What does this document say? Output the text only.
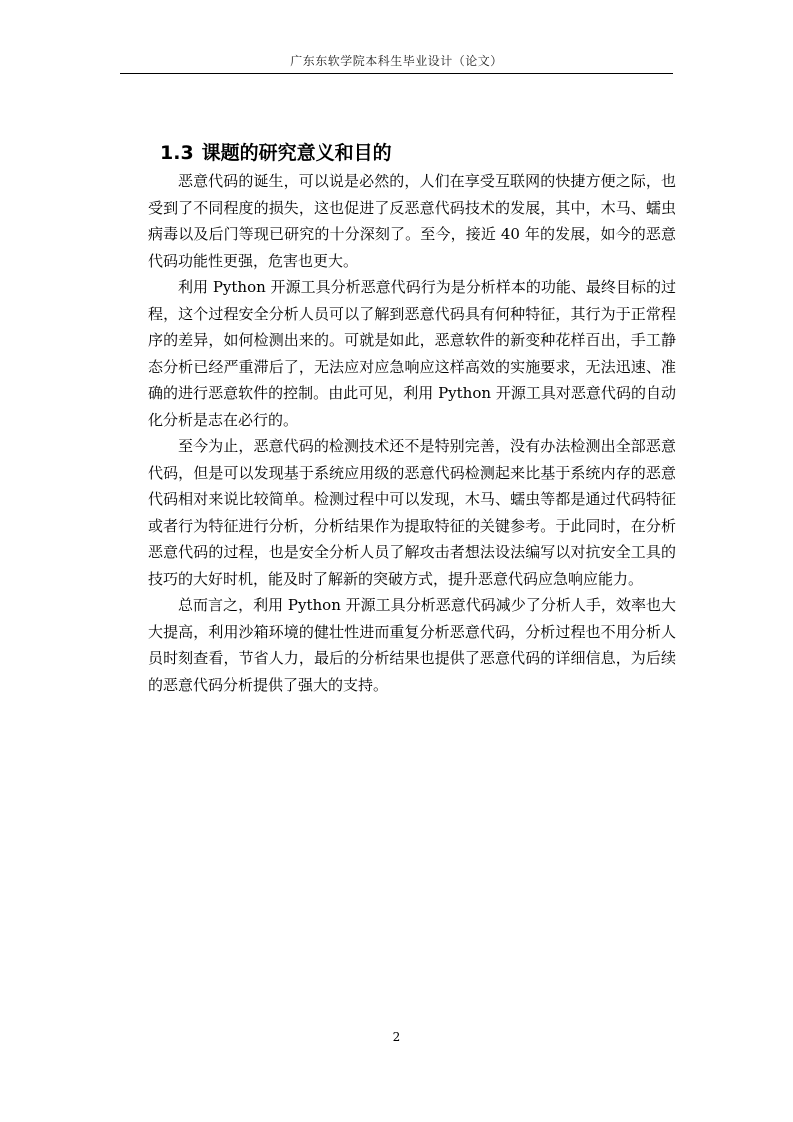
广东东软学院本科生毕业设计（论文）
1.3 课题的研究意义和目的

恶意代码的诞生，可以说是必然的，人们在享受互联网的快捷方便之际，也受到了不同程度的损失，这也促进了反恶意代码技术的发展，其中，木马、蠕虫病毒以及后门等现已研究的十分深刻了。至今，接近 40 年的发展，如今的恶意代码功能性更强，危害也更大。

利用 Python 开源工具分析恶意代码行为是分析样本的功能、最终目标的过程，这个过程安全分析人员可以了解到恶意代码具有何种特征，其行为于正常程序的差异，如何检测出来的。可就是如此，恶意软件的新变种花样百出，手工静态分析已经严重滞后了，无法应对应急响应这样高效的实施要求，无法迅速、准确的进行恶意软件的控制。由此可见，利用 Python 开源工具对恶意代码的自动化分析是志在必行的。

至今为止，恶意代码的检测技术还不是特别完善，没有办法检测出全部恶意代码，但是可以发现基于系统应用级的恶意代码检测起来比基于系统内存的恶意代码相对来说比较简单。检测过程中可以发现，木马、蠕虫等都是通过代码特征或者行为特征进行分析，分析结果作为提取特征的关键参考。于此同时，在分析恶意代码的过程，也是安全分析人员了解攻击者想法设法编写以对抗安全工具的技巧的大好时机，能及时了解新的突破方式，提升恶意代码应急响应能力。

总而言之，利用 Python 开源工具分析恶意代码减少了分析人手，效率也大大提高，利用沙箱环境的健壮性进而重复分析恶意代码，分析过程也不用分析人员时刻查看，节省人力，最后的分析结果也提供了恶意代码的详细信息，为后续的恶意代码分析提供了强大的支持。

2
